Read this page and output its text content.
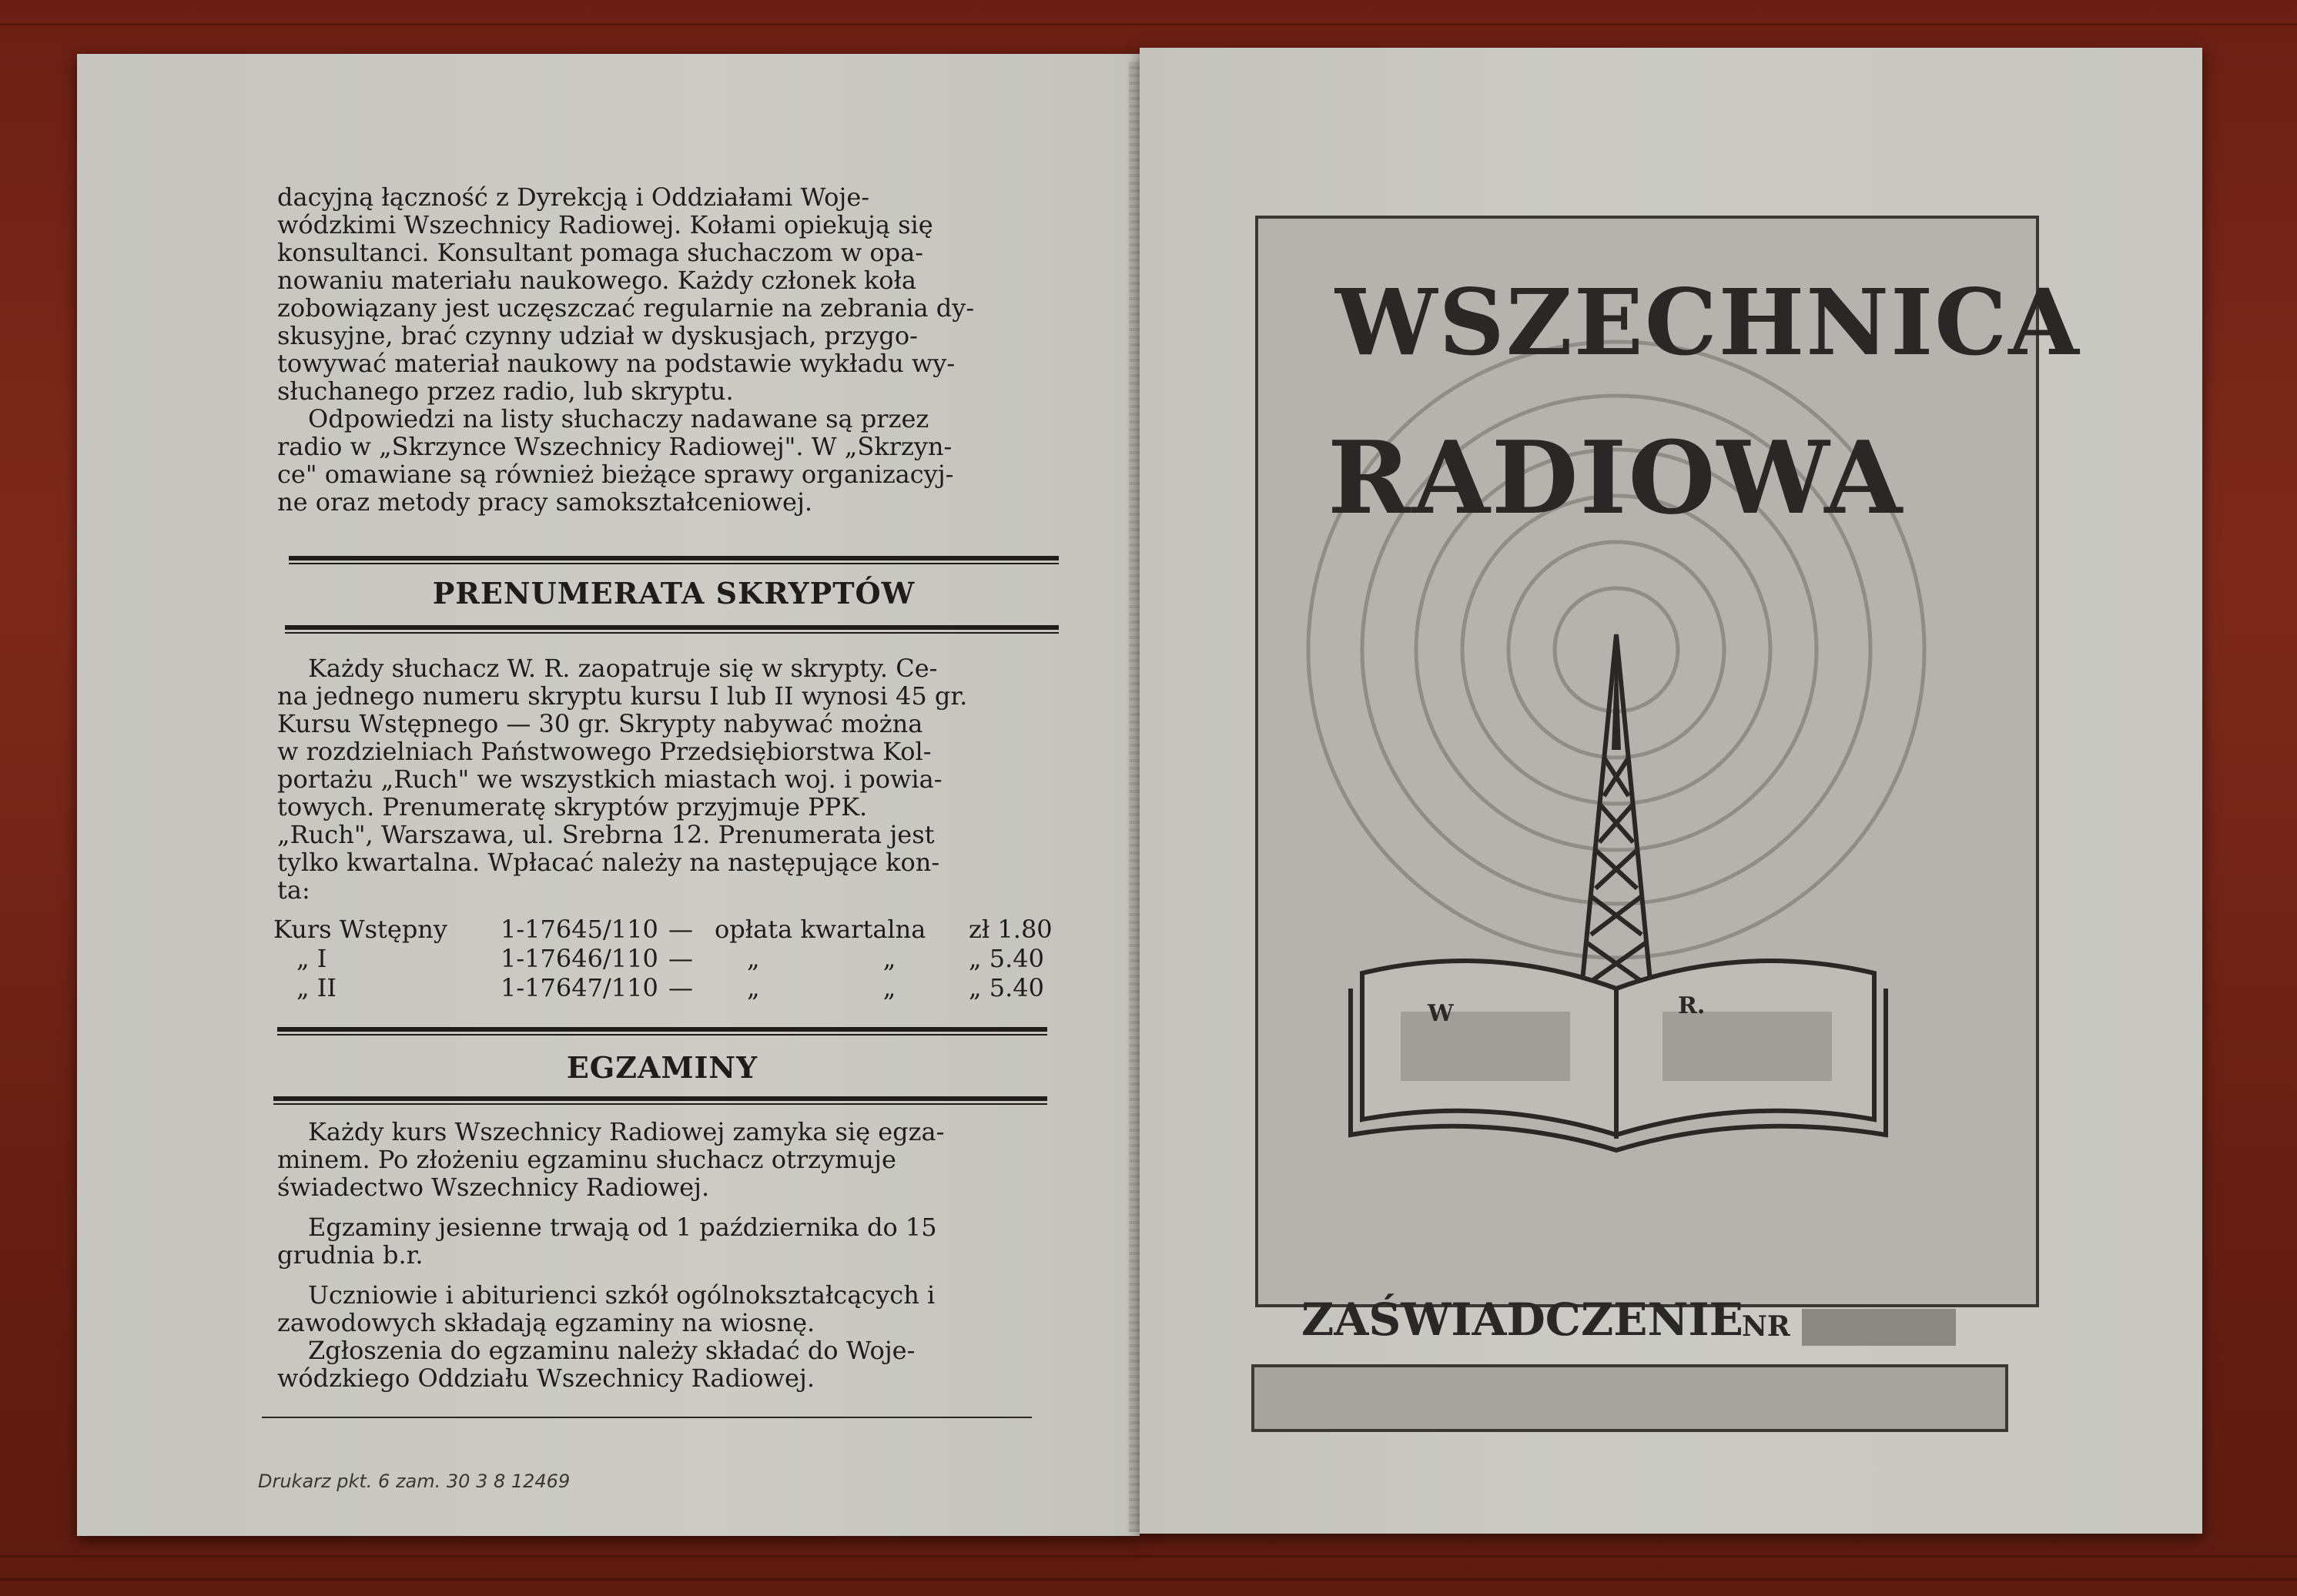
dacyjną łączność z Dyrekcją i Oddziałami Woje-
wódzkimi Wszechnicy Radiowej. Kołami opiekują się
konsultanci. Konsultant pomaga słuchaczom w opa-
nowaniu materiału naukowego. Każdy członek koła
zobowiązany jest uczęszczać regularnie na zebrania dy-
skusyjne, brać czynny udział w dyskusjach, przygo-
towywać materiał naukowy na podstawie wykładu wy-
słuchanego przez radio, lub skryptu.
Odpowiedzi na listy słuchaczy nadawane są przez
radio w „Skrzynce Wszechnicy Radiowej". W „Skrzyn-
ce" omawiane są również bieżące sprawy organizacyj-
ne oraz metody pracy samokształceniowej.
PRENUMERATA SKRYPTÓW
Każdy słuchacz W. R. zaopatruje się w skrypty. Ce-
na jednego numeru skryptu kursu I lub II wynosi 45 gr.
Kursu Wstępnego — 30 gr. Skrypty nabywać można
w rozdzielniach Państwowego Przedsiębiorstwa Kol-
portażu „Ruch" we wszystkich miastach woj. i powia-
towych. Prenumeratę skryptów przyjmuje PPK.
„Ruch", Warszawa, ul. Srebrna 12. Prenumerata jest
tylko kwartalna. Wpłacać należy na następujące kon-
ta:
Kurs Wstępny 1-17645/110 — opłata kwartalna zł 1.80
„ I	1-17646/110 — „ „	„ 5.40
„ II	1-17647/110 — „ „	„ 5.40
EGZAMINY
Każdy kurs Wszechnicy Radiowej zamyka się egza-
minem. Po złożeniu egzaminu słuchacz otrzymuje
świadectwo Wszechnicy Radiowej.
Egzaminy jesienne trwają od 1 października do 15
grudnia b.r.
Uczniowie i abiturienci szkół ogólnokształcących i
zawodowych składają egzaminy na wiosnę.
Zgłoszenia do egzaminu należy składać do Woje-
wódzkiego Oddziału Wszechnicy Radiowej.
Drukarz pkt. 6 zam. 30 3 8 12469
WSZECHNICA
RADIOWA
W	R.
ZAŚWIADCZENIE
NR
